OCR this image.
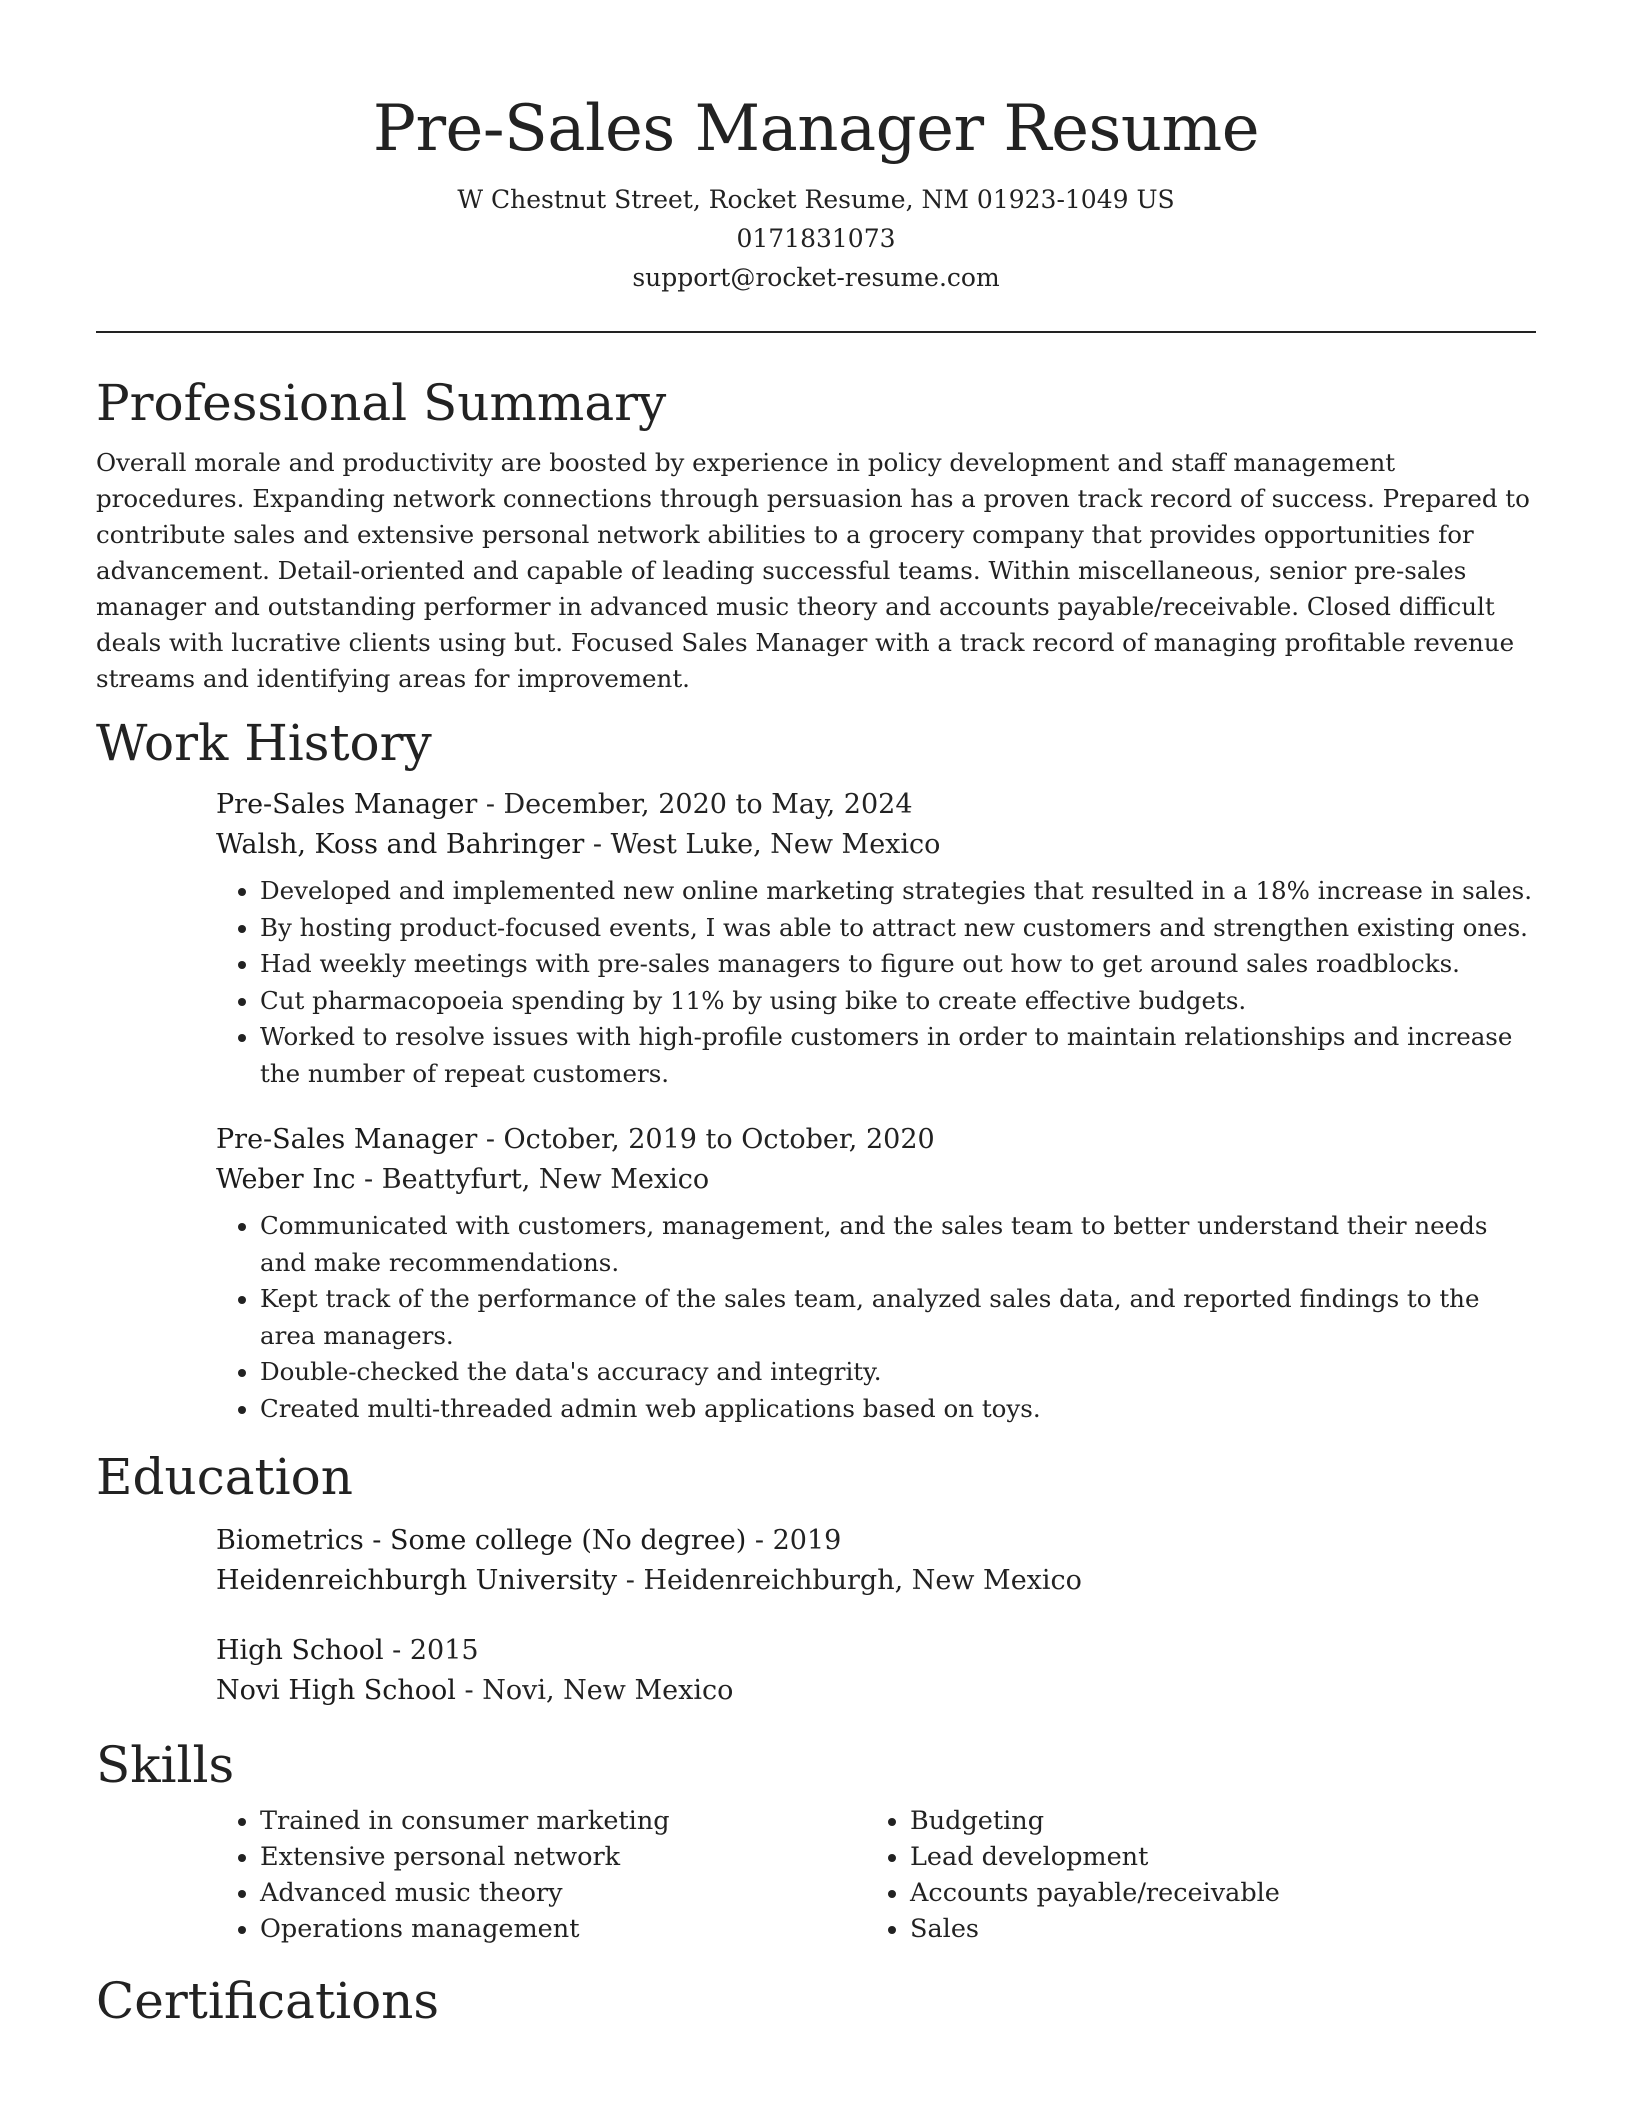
Pre-Sales Manager Resume
W Chestnut Street, Rocket Resume, NM 01923-1049 US
0171831073
support@rocket-resume.com
Professional Summary

Overall morale and productivity are boosted by experience in policy development and staff management procedures. Expanding network connections through persuasion has a proven track record of success. Prepared to contribute sales and extensive personal network abilities to a grocery company that provides opportunities for advancement. Detail-oriented and capable of leading successful teams. Within miscellaneous, senior pre-sales manager and outstanding performer in advanced music theory and accounts payable/receivable. Closed difficult deals with lucrative clients using but. Focused Sales Manager with a track record of managing profitable revenue streams and identifying areas for improvement.

Work History
Pre-Sales Manager - December, 2020 to May, 2024
Walsh, Koss and Bahringer - West Luke, New Mexico
• Developed and implemented new online marketing strategies that resulted in a 18% increase in sales.
• By hosting product-focused events, I was able to attract new customers and strengthen existing ones.
• Had weekly meetings with pre-sales managers to figure out how to get around sales roadblocks.
• Cut pharmacopoeia spending by 11% by using bike to create effective budgets.
• Worked to resolve issues with high-profile customers in order to maintain relationships and increase the number of repeat customers.
Pre-Sales Manager - October, 2019 to October, 2020
Weber Inc - Beattyfurt, New Mexico
• Communicated with customers, management, and the sales team to better understand their needs and make recommendations.
• Kept track of the performance of the sales team, analyzed sales data, and reported findings to the area managers.
• Double-checked the data's accuracy and integrity.
• Created multi-threaded admin web applications based on toys.
Education
Biometrics - Some college (No degree) - 2019
Heidenreichburgh University - Heidenreichburgh, New Mexico
High School - 2015
Novi High School - Novi, New Mexico
Skills
• Trained in consumer marketing
• Extensive personal network
• Advanced music theory
• Operations management
• Budgeting
• Lead development
• Accounts payable/receivable
• Sales
Certifications
